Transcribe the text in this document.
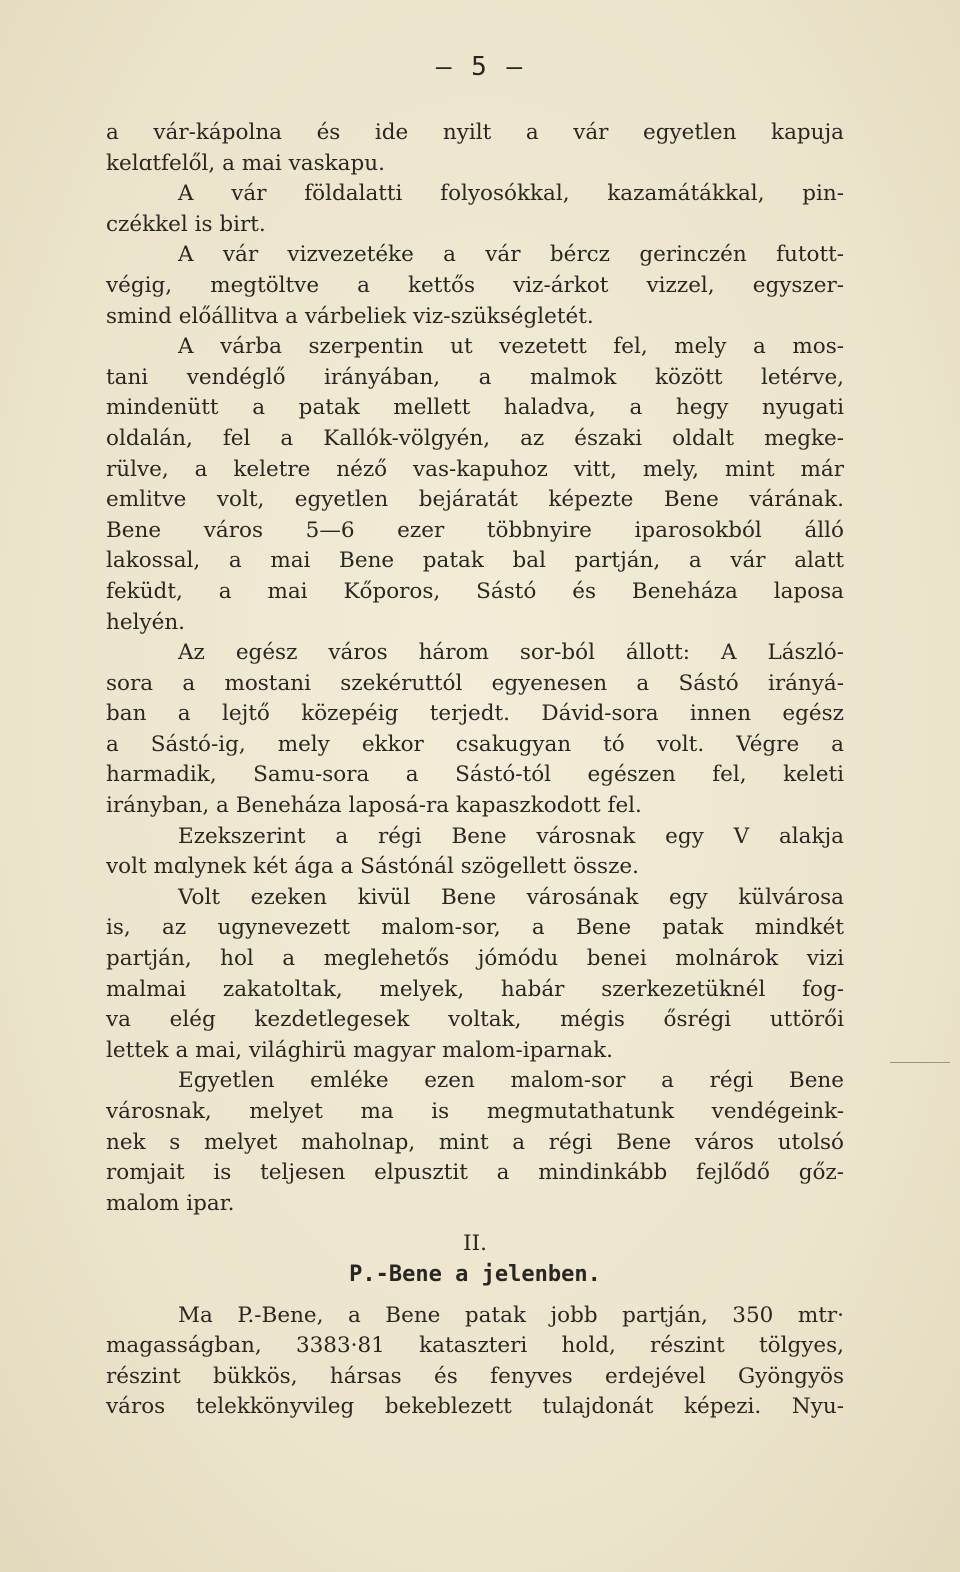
— 5 —
a vár-kápolna és ide nyilt a vár egyetlen kapuja
kelɑtfelől, a mai vaskapu.
A vár földalatti folyosókkal, kazamátákkal, pin-
czékkel is birt.
A vár vizvezetéke a vár bércz gerinczén futott-
végig, megtöltve a kettős viz-árkot vizzel, egyszer-
smind előállitva a várbeliek viz-szükségletét.
A várba szerpentin ut vezetett fel, mely a mos-
tani vendéglő irányában, a malmok között letérve,
mindenütt a patak mellett haladva, a hegy nyugati
oldalán, fel a Kallók-völgyén, az északi oldalt megke-
rülve, a keletre néző vas-kapuhoz vitt, mely, mint már
emlitve volt, egyetlen bejáratát képezte Bene várának.
Bene város 5—6 ezer többnyire iparosokból álló
lakossal, a mai Bene patak bal partján, a vár alatt
feküdt, a mai Kőporos, Sástó és Beneháza laposa
helyén.
Az egész város három sor-ból állott: A László-
sora a mostani szekéruttól egyenesen a Sástó irányá-
ban a lejtő közepéig terjedt. Dávid-sora innen egész
a Sástó-ig, mely ekkor csakugyan tó volt. Végre a
harmadik, Samu-sora a Sástó-tól egészen fel, keleti
irányban, a Beneháza laposá-ra kapaszkodott fel.
Ezekszerint a régi Bene városnak egy V alakja
volt mɑlynek két ága a Sástónál szögellett össze.
Volt ezeken kivül Bene városának egy külvárosa
is, az ugynevezett malom-sor, a Bene patak mindkét
partján, hol a meglehetős jómódu benei molnárok vizi
malmai zakatoltak, melyek, habár szerkezetüknél fog-
va elég kezdetlegesek voltak, mégis ősrégi uttörői
lettek a mai, világhirü magyar malom-iparnak.
Egyetlen emléke ezen malom-sor a régi Bene
városnak, melyet ma is megmutathatunk vendégeink-
nek s melyet maholnap, mint a régi Bene város utolsó
romjait is teljesen elpusztit a mindinkább fejlődő gőz-
malom ipar.
II.
P.-Bene a jelenben.
Ma P.-Bene, a Bene patak jobb partján, 350 mtr·
magasságban, 3383·81 kataszteri hold, részint tölgyes,
részint bükkös, hársas és fenyves erdejével Gyöngyös
város telekkönyvileg bekeblezett tulajdonát képezi. Nyu-
